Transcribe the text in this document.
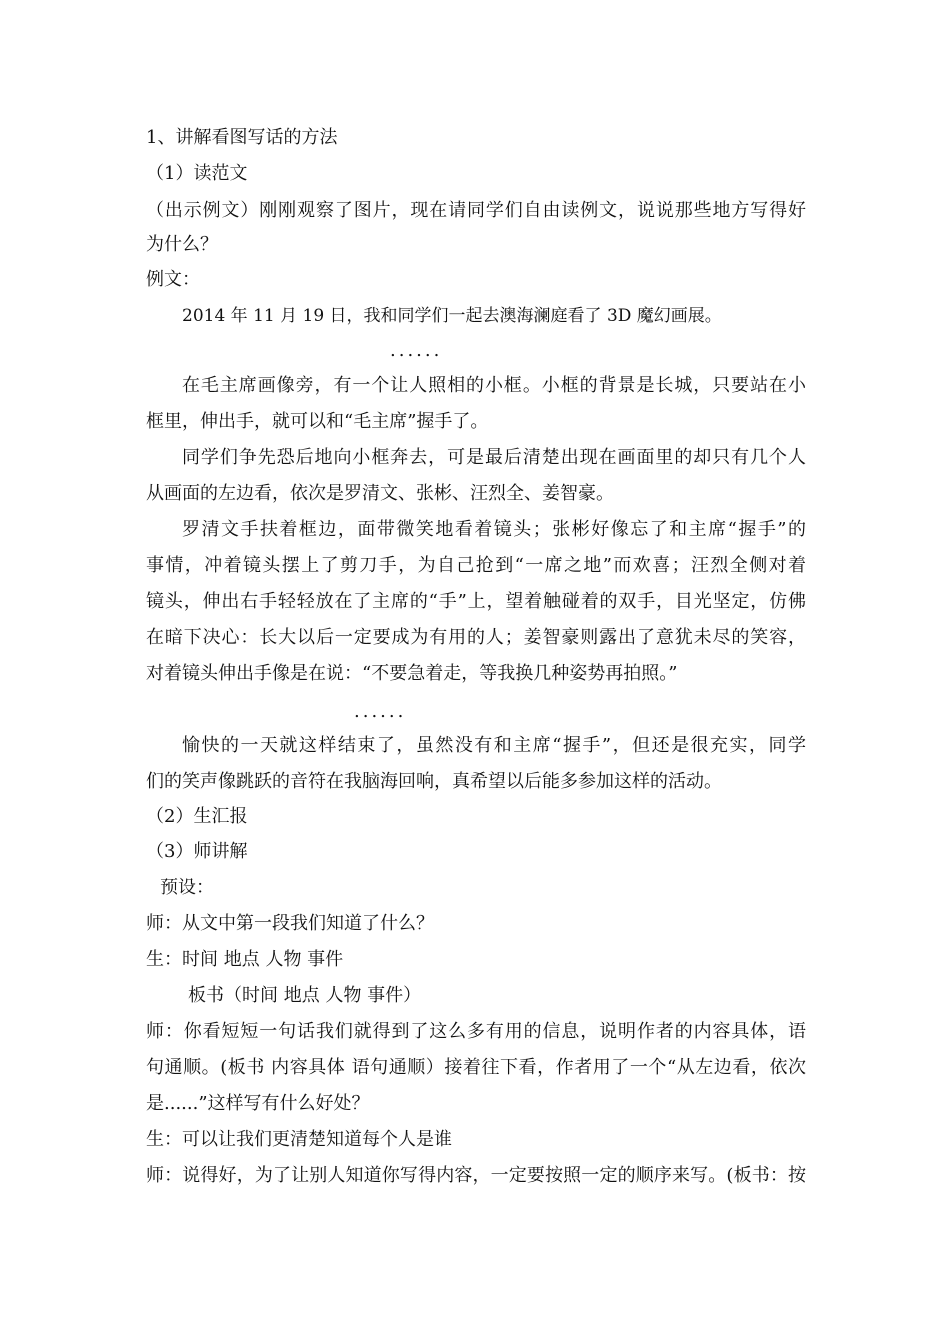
1、讲解看图写话的方法
（1）读范文
（出示例文）刚刚观察了图片，现在请同学们自由读例文，说说那些地方写得好
为什么？
例文：
2014 年 11 月 19 日，我和同学们一起去澳海澜庭看了 3D 魔幻画展。
......
在毛主席画像旁，有一个让人照相的小框。小框的背景是长城，只要站在小
框里，伸出手，就可以和“毛主席”握手了。
同学们争先恐后地向小框奔去，可是最后清楚出现在画面里的却只有几个人
从画面的左边看，依次是罗清文、张彬、汪烈全、姜智豪。
罗清文手扶着框边，面带微笑地看着镜头；张彬好像忘了和主席“握手”的
事情，冲着镜头摆上了剪刀手，为自己抢到“一席之地”而欢喜；汪烈全侧对着
镜头，伸出右手轻轻放在了主席的“手”上，望着触碰着的双手，目光坚定，仿佛
在暗下决心：长大以后一定要成为有用的人；姜智豪则露出了意犹未尽的笑容，
对着镜头伸出手像是在说：“不要急着走，等我换几种姿势再拍照。”
......
愉快的一天就这样结束了，虽然没有和主席“握手”，但还是很充实，同学
们的笑声像跳跃的音符在我脑海回响，真希望以后能多参加这样的活动。
（2）生汇报
（3）师讲解
预设：
师：从文中第一段我们知道了什么？
生：时间 地点 人物 事件
板书（时间 地点 人物 事件）
师：你看短短一句话我们就得到了这么多有用的信息，说明作者的内容具体，语
句通顺。(板书 内容具体 语句通顺）接着往下看，作者用了一个“从左边看，依次
是......”这样写有什么好处？
生：可以让我们更清楚知道每个人是谁
师：说得好，为了让别人知道你写得内容，一定要按照一定的顺序来写。(板书：按
